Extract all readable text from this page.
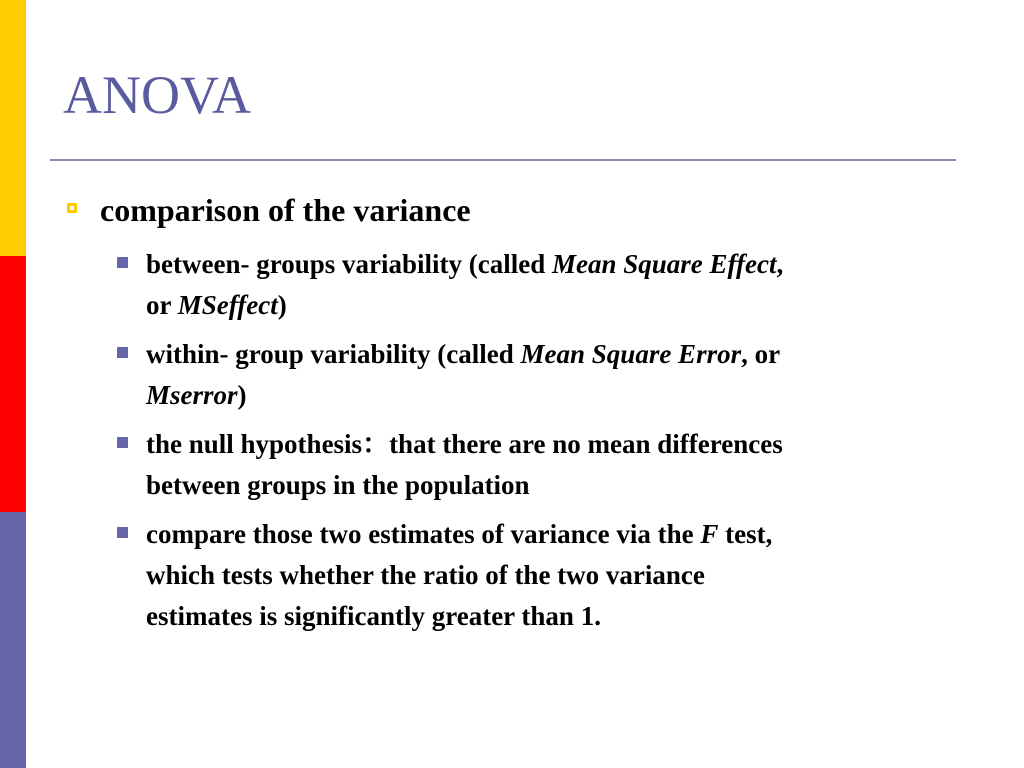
ANOVA
comparison of the variance
between- groups variability (called Mean Square Effect,
or MSeffect)
within- group variability (called Mean Square Error, or
Mserror)
the null hypothesis：that there are no mean differences
between groups in the population
compare those two estimates of variance via the F test,
which tests whether the ratio of the two variance
estimates is significantly greater than 1.
